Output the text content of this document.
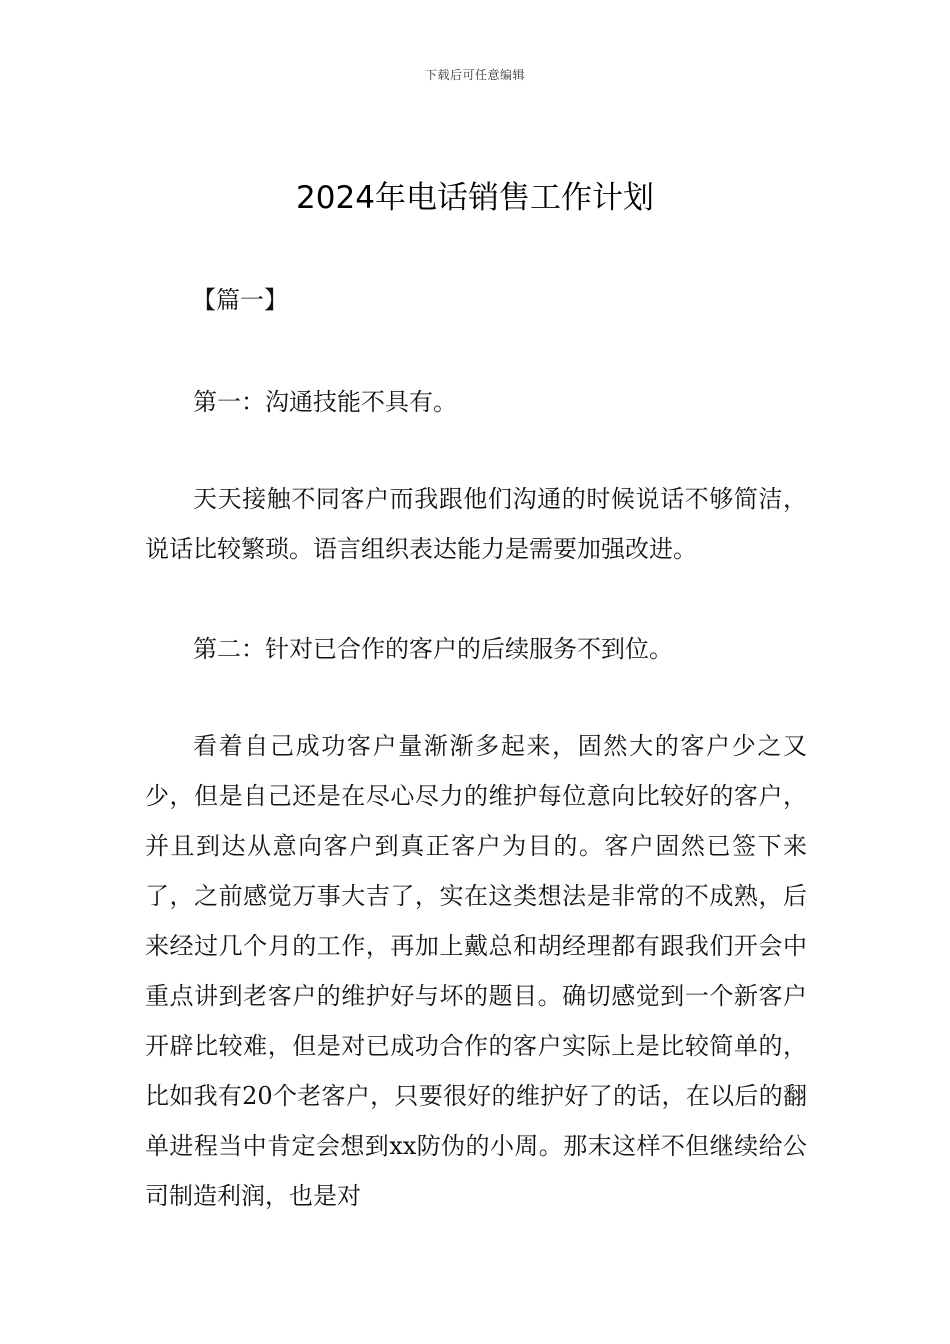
下载后可任意编辑
2024年电话销售工作计划
【篇一】

第一：沟通技能不具有。

天天接触不同客户而我跟他们沟通的时候说话不够简洁，说话比较繁琐。语言组织表达能力是需要加强改进。

第二：针对已合作的客户的后续服务不到位。

看着自己成功客户量渐渐多起来，固然大的客户少之又少，但是自己还是在尽心尽力的维护每位意向比较好的客户，并且到达从意向客户到真正客户为目的。客户固然已签下来了，之前感觉万事大吉了，实在这类想法是非常的不成熟，后来经过几个月的工作，再加上戴总和胡经理都有跟我们开会中重点讲到老客户的维护好与坏的题目。确切感觉到一个新客户开辟比较难，但是对已成功合作的客户实际上是比较简单的，比如我有20个老客户，只要很好的维护好了的话，在以后的翻单进程当中肯定会想到xx防伪的小周。那末这样不但继续给公司制造利润，也是对
